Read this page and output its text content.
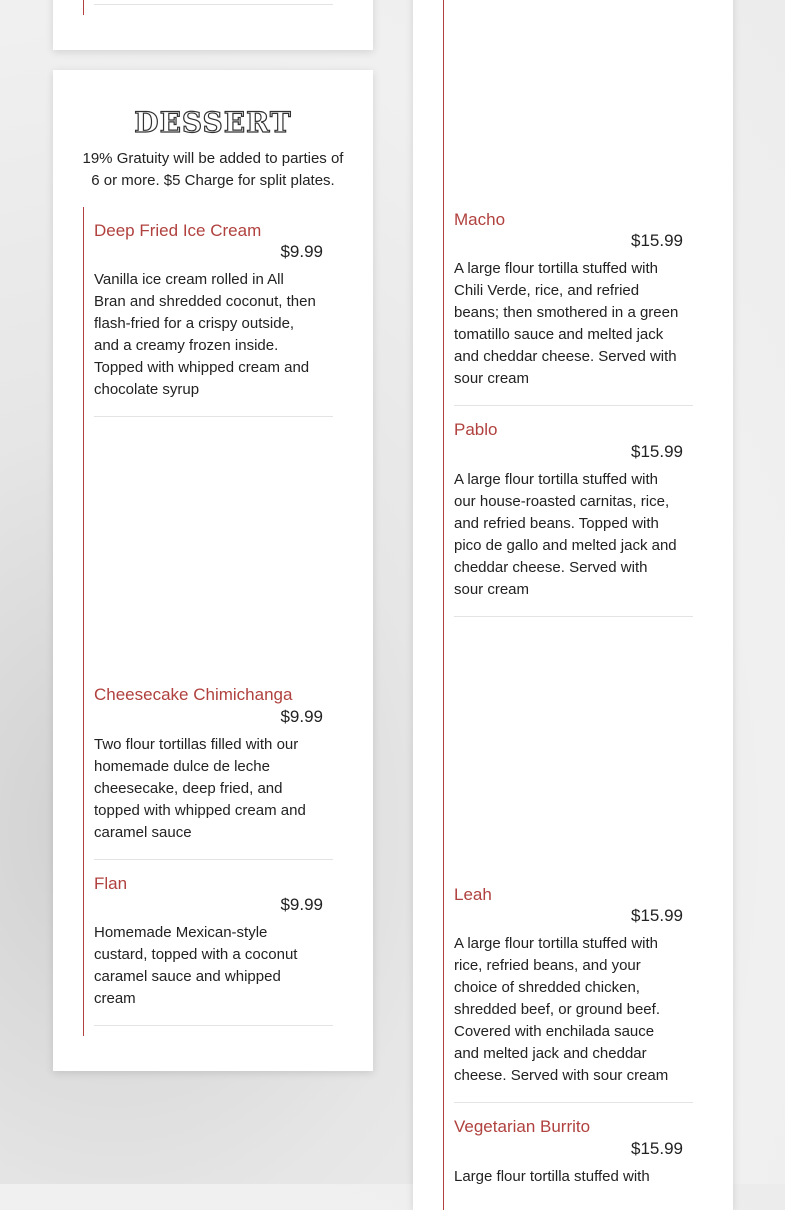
DESSERT
19% Gratuity will be added to parties of 6 or more. $5 Charge for split plates.
Deep Fried Ice Cream
$9.99
Vanilla ice cream rolled in All Bran and shredded coconut, then flash-fried for a crispy outside, and a creamy frozen inside. Topped with whipped cream and chocolate syrup
Cheesecake Chimichanga
$9.99
Two flour tortillas filled with our homemade dulce de leche cheesecake, deep fried, and topped with whipped cream and caramel sauce
Flan
$9.99
Homemade Mexican-style custard, topped with a coconut caramel sauce and whipped cream
Macho
$15.99
A large flour tortilla stuffed with Chili Verde, rice, and refried beans; then smothered in a green tomatillo sauce and melted jack and cheddar cheese. Served with sour cream
Pablo
$15.99
A large flour tortilla stuffed with our house-roasted carnitas, rice, and refried beans. Topped with pico de gallo and melted jack and cheddar cheese. Served with sour cream
Leah
$15.99
A large flour tortilla stuffed with rice, refried beans, and your choice of shredded chicken, shredded beef, or ground beef. Covered with enchilada sauce and melted jack and cheddar cheese. Served with sour cream
Vegetarian Burrito
$15.99
Large flour tortilla stuffed with
